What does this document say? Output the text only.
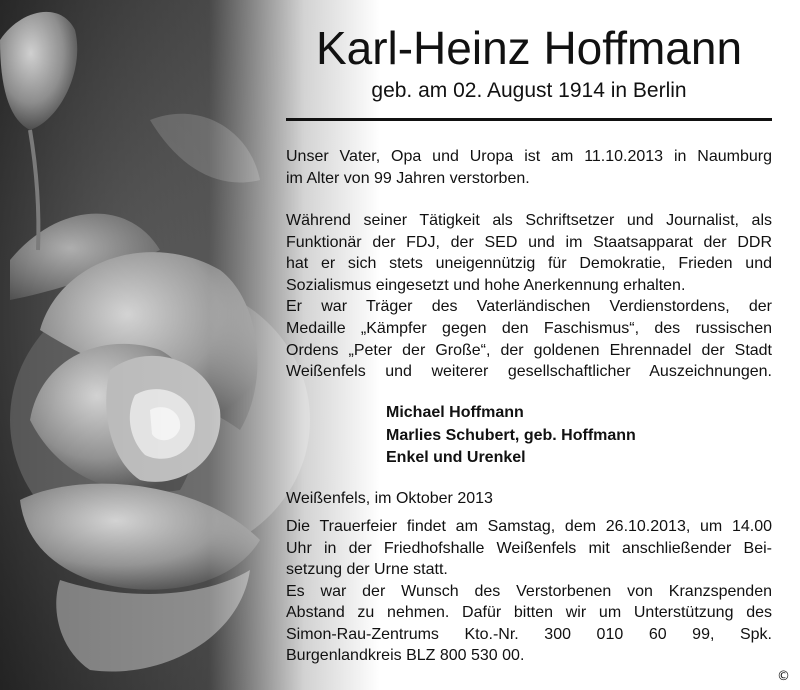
Karl-Heinz Hoffmann
geb. am 02. August 1914 in Berlin

Unser Vater, Opa und Uropa ist am 11.10.2013 in Naumburg

im Alter von 99 Jahren verstorben.

Während seiner Tätigkeit als Schriftsetzer und Journalist, als

Funktionär der FDJ, der SED und im Staatsapparat der DDR

hat er sich stets uneigennützig für Demokratie, Frieden und

Sozialismus eingesetzt und hohe Anerkennung erhalten.

Er war Träger des Vaterländischen Verdienstordens, der

Medaille „Kämpfer gegen den Faschismus“, des russischen

Ordens „Peter der Große“, der goldenen Ehrennadel der Stadt

Weißenfels und weiterer gesellschaftlicher Auszeichnungen.

Michael Hoffmann
Marlies Schubert, geb. Hoffmann
Enkel und Urenkel
Weißenfels, im Oktober 2013

Die Trauerfeier findet am Samstag, dem 26.10.2013, um 14.00

Uhr in der Friedhofshalle Weißenfels mit anschließender Bei-

setzung der Urne statt.

Es war der Wunsch des Verstorbenen von Kranzspenden

Abstand zu nehmen. Dafür bitten wir um Unterstützung des

Simon-Rau-Zentrums Kto.-Nr. 300 010 60 99, Spk.

Burgenlandkreis BLZ 800 530 00.

©
